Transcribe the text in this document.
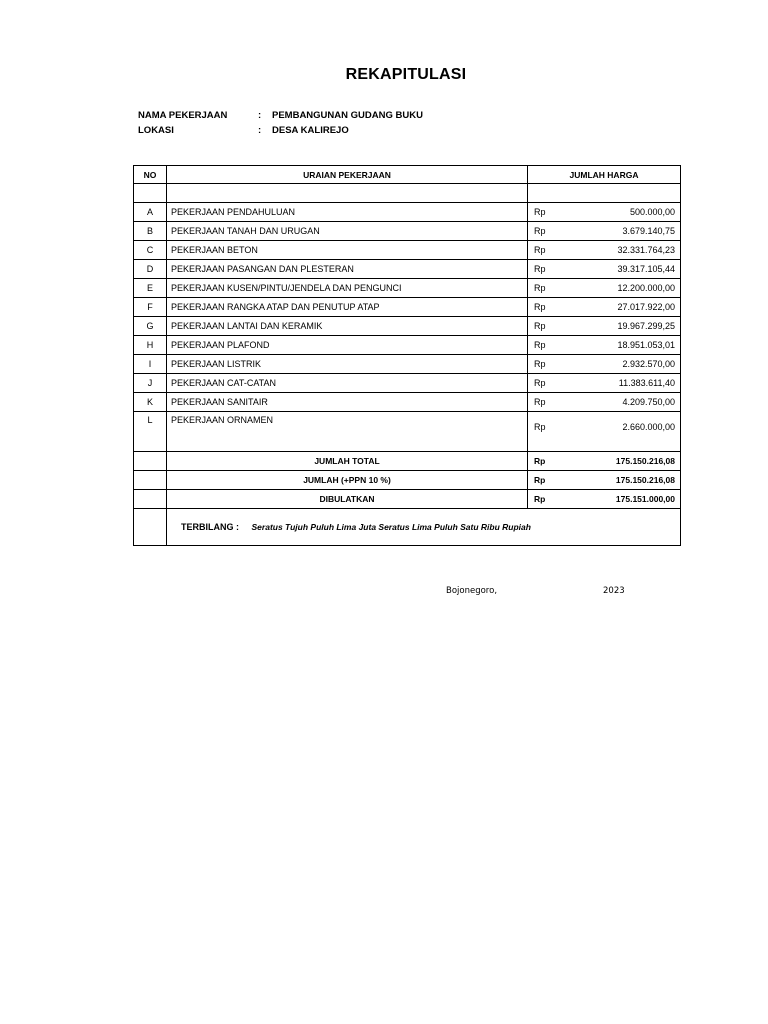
REKAPITULASI
NAMA PEKERJAAN	: PEMBANGUNAN GUDANG BUKU
LOKASI	: DESA KALIREJO
NO	URAIAN PEKERJAAN	JUMLAH HARGA

A	PEKERJAAN PENDAHULUAN	Rp 500.000,00

B	PEKERJAAN TANAH DAN URUGAN	Rp 3.679.140,75

C	PEKERJAAN BETON	Rp 32.331.764,23

D	PEKERJAAN PASANGAN DAN PLESTERAN	Rp 39.317.105,44

E	PEKERJAAN KUSEN/PINTU/JENDELA DAN PENGUNCI	Rp 12.200.000,00

F	PEKERJAAN RANGKA ATAP DAN PENUTUP ATAP	Rp 27.017.922,00

G	PEKERJAAN LANTAI DAN KERAMIK	Rp 19.967.299,25

H	PEKERJAAN PLAFOND	Rp 18.951.053,01

I	PEKERJAAN LISTRIK	Rp 2.932.570,00

J	PEKERJAAN CAT-CATAN	Rp 11.383.611,40

K	PEKERJAAN SANITAIR	Rp 4.209.750,00

L	PEKERJAAN ORNAMEN	Rp 2.660.000,00

	JUMLAH TOTAL	Rp 175.150.216,08

	JUMLAH (+PPN 10 %)	Rp 175.150.216,08

	DIBULATKAN	Rp 175.151.000,00

	TERBILANG : Seratus Tujuh Puluh Lima Juta Seratus Lima Puluh Satu Ribu Rupiah	
Bojonegoro,	2023
